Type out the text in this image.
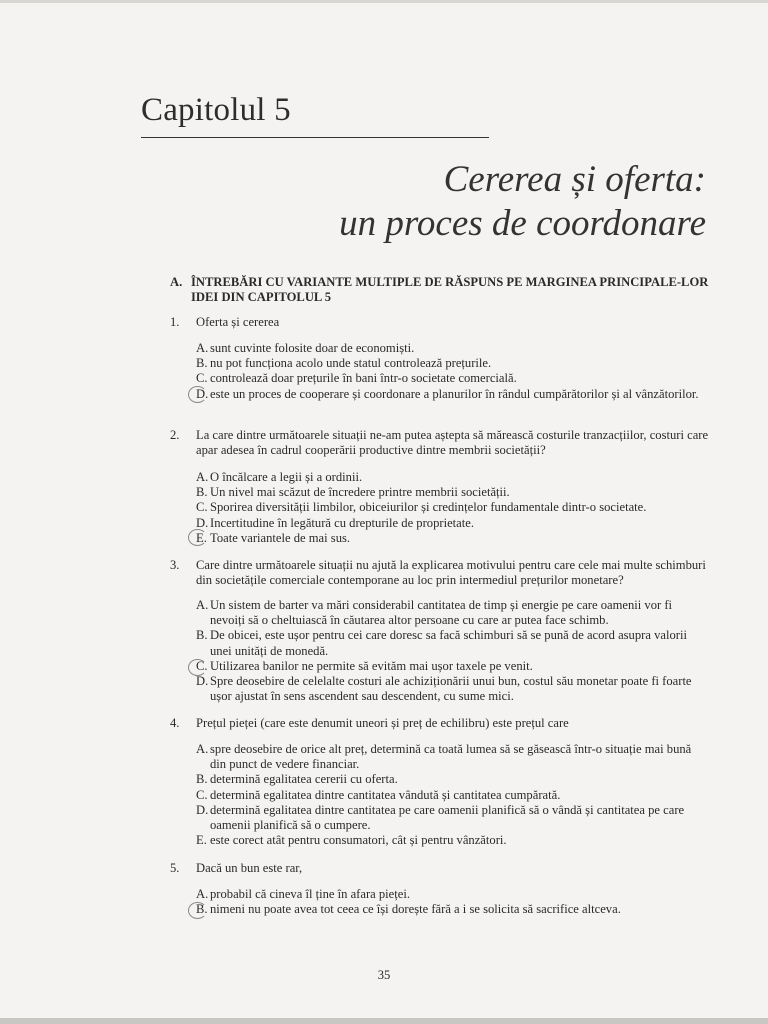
Capitolul 5
Cererea și oferta:
un proces de coordonare
A. ÎNTREBĂRI CU VARIANTE MULTIPLE DE RĂSPUNS PE MARGINEA PRINCIPALE-LOR IDEI DIN CAPITOLUL 5
1.	Oferta și cererea
A. sunt cuvinte folosite doar de economiști.
B. nu pot funcționa acolo unde statul controlează prețurile.
C. controlează doar prețurile în bani într-o societate comercială.
D. este un proces de cooperare și coordonare a planurilor în rândul cumpărătorilor și al vânzătorilor.
2.	La care dintre următoarele situații ne-am putea aștepta să mărească costurile tranzacțiilor, costuri care apar adesea în cadrul cooperării productive dintre membrii societății?
A. O încălcare a legii și a ordinii.
B. Un nivel mai scăzut de încredere printre membrii societății.
C. Sporirea diversității limbilor, obiceiurilor și credințelor fundamentale dintr-o societate.
D. Incertitudine în legătură cu drepturile de proprietate.
E. Toate variantele de mai sus.
3.	Care dintre următoarele situații nu ajută la explicarea motivului pentru care cele mai multe schimburi din societățile comerciale contemporane au loc prin intermediul prețurilor monetare?
A. Un sistem de barter va mări considerabil cantitatea de timp și energie pe care oamenii vor fi nevoiți să o cheltuiască în căutarea altor persoane cu care ar putea face schimb.
B. De obicei, este ușor pentru cei care doresc sa facă schimburi să se pună de acord asupra valorii unei unități de monedă.
C. Utilizarea banilor ne permite să evităm mai ușor taxele pe venit.
D. Spre deosebire de celelalte costuri ale achiziționării unui bun, costul său monetar poate fi foarte ușor ajustat în sens ascendent sau descendent, cu sume mici.
4.	Prețul pieței (care este denumit uneori și preț de echilibru) este prețul care
A. spre deosebire de orice alt preț, determină ca toată lumea să se găsească într-o situație mai bună din punct de vedere financiar.
B. determină egalitatea cererii cu oferta.
C. determină egalitatea dintre cantitatea vândută și cantitatea cumpărată.
D. determină egalitatea dintre cantitatea pe care oamenii planifică să o vândă și cantitatea pe care oamenii planifică să o cumpere.
E. este corect atât pentru consumatori, cât și pentru vânzători.
5.	Dacă un bun este rar,
A. probabil că cineva îl ține în afara pieței.
B. nimeni nu poate avea tot ceea ce își dorește fără a i se solicita să sacrifice altceva.
35
